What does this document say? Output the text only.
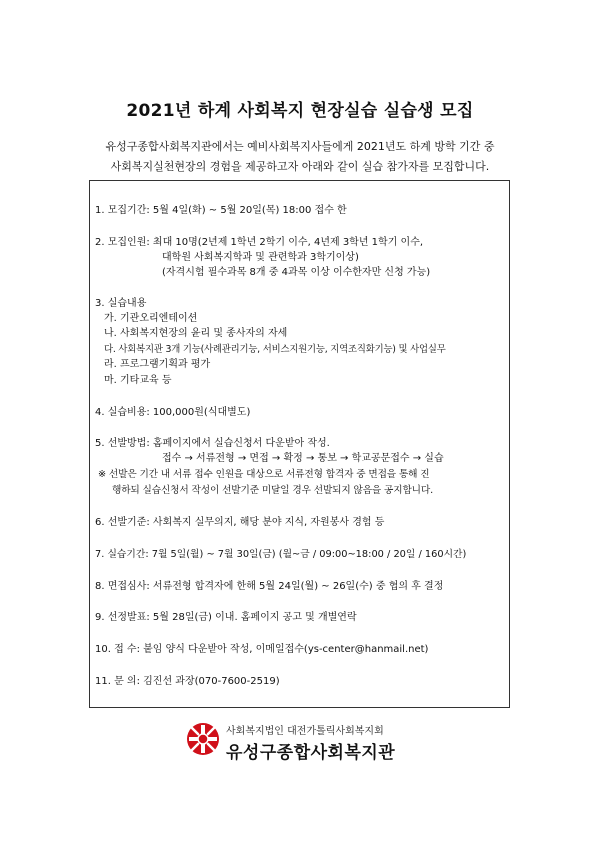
2021년 하계 사회복지 현장실습 실습생 모집
유성구종합사회복지관에서는 예비사회복지사들에게 2021년도 하계 방학 기간 중
사회복지실천현장의 경험을 제공하고자 아래와 같이 실습 참가자를 모집합니다.
1. 모집기간: 5월 4일(화) ~ 5월 20일(목) 18:00 접수 한
2. 모집인원: 최대 10명(2년제 1학년 2학기 이수, 4년제 3학년 1학기 이수,
대학원 사회복지학과 및 관련학과 3학기이상)
(자격시험 필수과목 8개 중 4과목 이상 이수한자만 신청 가능)
3. 실습내용
가. 기관오리엔테이션
나. 사회복지현장의 윤리 및 종사자의 자세
다. 사회복지관 3개 기능(사례관리기능, 서비스지원기능, 지역조직화기능) 및 사업실무
라. 프로그램기획과 평가
마. 기타교육 등
4. 실습비용: 100,000원(식대별도)
5. 선발방법: 홈페이지에서 실습신청서 다운받아 작성.
접수 → 서류전형 → 면접 → 확정 → 통보 → 학교공문접수 → 실습
※ 선발은 기간 내 서류 접수 인원을 대상으로 서류전형 합격자 중 면접을 통해 진
행하되 실습신청서 작성이 선발기준 미달일 경우 선발되지 않음을 공지합니다.
6. 선발기준: 사회복지 실무의지, 해당 분야 지식, 자원봉사 경험 등
7. 실습기간: 7월 5일(월) ~ 7월 30일(금) (월~금 / 09:00~18:00 / 20일 / 160시간)
8. 면접심사: 서류전형 합격자에 한해 5월 24일(월) ~ 26일(수) 중 협의 후 결정
9. 선정발표: 5월 28일(금) 이내. 홈페이지 공고 및 개별연락
10. 접 수: 붙임 양식 다운받아 작성, 이메일접수(ys-center@hanmail.net)
11. 문 의: 김진선 과장(070-7600-2519)
사회복지법인 대전가톨릭사회복지회
유성구종합사회복지관
